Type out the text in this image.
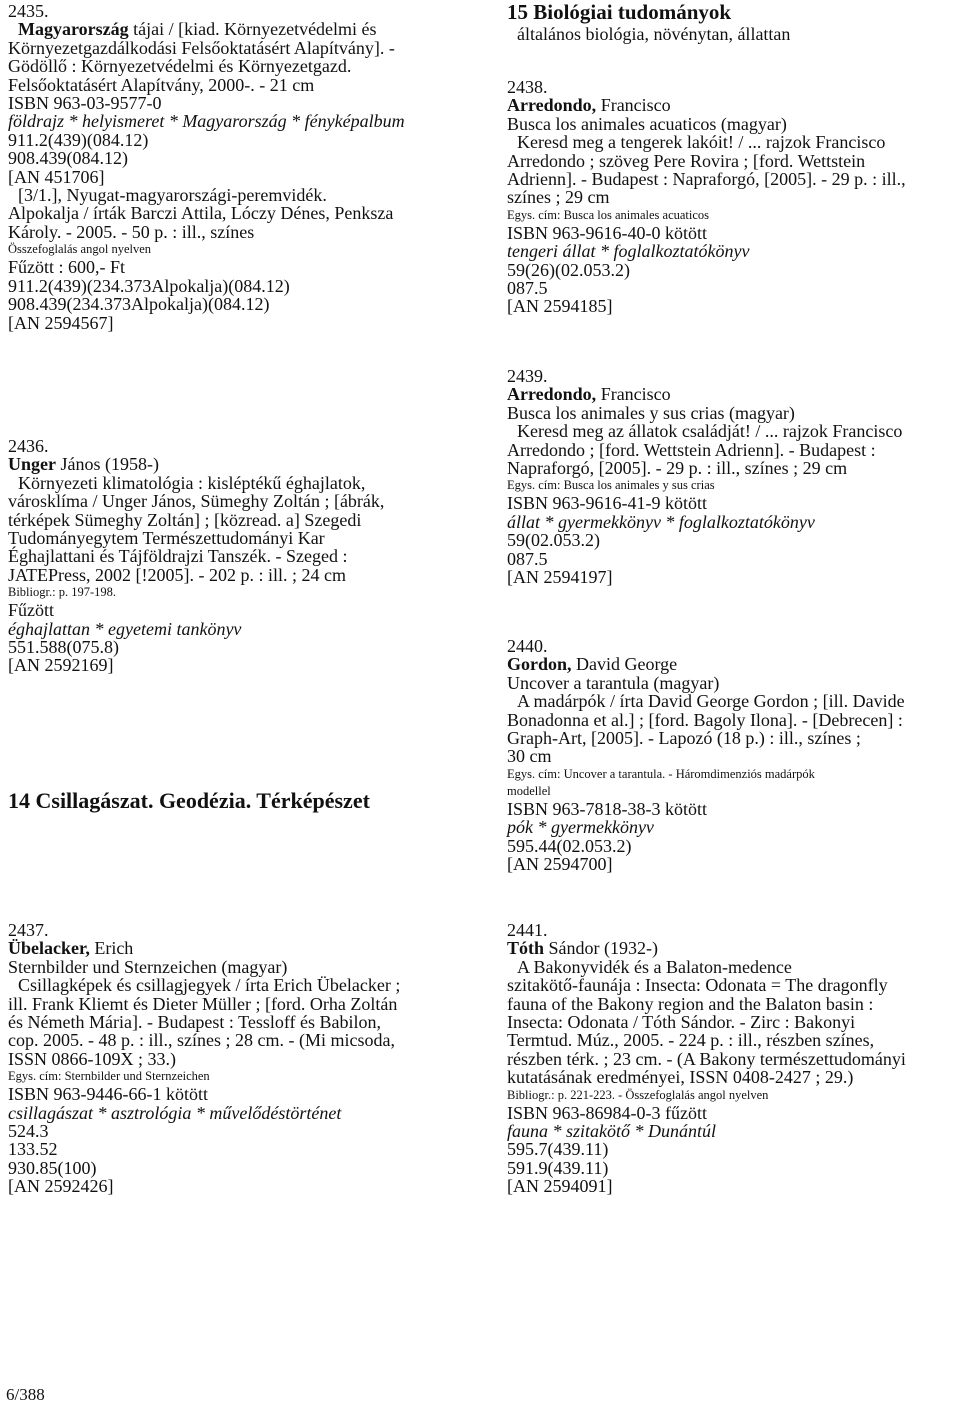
2435.
Magyarország tájai / [kiad. Környezetvédelmi és
Környezetgazdálkodási Felsőoktatásért Alapítvány]. -
Gödöllő : Környezetvédelmi és Környezetgazd.
Felsőoktatásért Alapítvány, 2000-. - 21 cm
ISBN 963-03-9577-0
földrajz * helyismeret * Magyarország * fényképalbum
911.2(439)(084.12)
908.439(084.12)
[AN 451706]
[3/1.], Nyugat-magyarországi-peremvidék.
Alpokalja / írták Barczi Attila, Lóczy Dénes, Penksza
Károly. - 2005. - 50 p. : ill., színes
Összefoglalás angol nyelven
Fűzött : 600,- Ft
911.2(439)(234.373Alpokalja)(084.12)
908.439(234.373Alpokalja)(084.12)
[AN 2594567]
2436.
Unger János (1958-)
Környezeti klimatológia : kisléptékű éghajlatok,
városklíma / Unger János, Sümeghy Zoltán ; [ábrák,
térképek Sümeghy Zoltán] ; [közread. a] Szegedi
Tudományegytem Természettudományi Kar
Éghajlattani és Tájföldrajzi Tanszék. - Szeged :
JATEPress, 2002 [!2005]. - 202 p. : ill. ; 24 cm
Bibliogr.: p. 197-198.
Fűzött
éghajlattan * egyetemi tankönyv
551.588(075.8)
[AN 2592169]
14 Csillagászat. Geodézia. Térképészet
2437.
Übelacker, Erich
Sternbilder und Sternzeichen (magyar)
Csillagképek és csillagjegyek / írta Erich Übelacker ;
ill. Frank Kliemt és Dieter Müller ; [ford. Orha Zoltán
és Németh Mária]. - Budapest : Tessloff és Babilon,
cop. 2005. - 48 p. : ill., színes ; 28 cm. - (Mi micsoda,
ISSN 0866-109X ; 33.)
Egys. cím: Sternbilder und Sternzeichen
ISBN 963-9446-66-1 kötött
csillagászat * asztrológia * művelődéstörténet
524.3
133.52
930.85(100)
[AN 2592426]
15 Biológiai tudományok
általános biológia, növénytan, állattan
2438.
Arredondo, Francisco
Busca los animales acuaticos (magyar)
Keresd meg a tengerek lakóit! / ... rajzok Francisco
Arredondo ; szöveg Pere Rovira ; [ford. Wettstein
Adrienn]. - Budapest : Napraforgó, [2005]. - 29 p. : ill.,
színes ; 29 cm
Egys. cím: Busca los animales acuaticos
ISBN 963-9616-40-0 kötött
tengeri állat * foglalkoztatókönyv
59(26)(02.053.2)
087.5
[AN 2594185]
2439.
Arredondo, Francisco
Busca los animales y sus crias (magyar)
Keresd meg az állatok családját! / ... rajzok Francisco
Arredondo ; [ford. Wettstein Adrienn]. - Budapest :
Napraforgó, [2005]. - 29 p. : ill., színes ; 29 cm
Egys. cím: Busca los animales y sus crias
ISBN 963-9616-41-9 kötött
állat * gyermekkönyv * foglalkoztatókönyv
59(02.053.2)
087.5
[AN 2594197]
2440.
Gordon, David George
Uncover a tarantula (magyar)
A madárpók / írta David George Gordon ; [ill. Davide
Bonadonna et al.] ; [ford. Bagoly Ilona]. - [Debrecen] :
Graph-Art, [2005]. - Lapozó (18 p.) : ill., színes ;
30 cm
Egys. cím: Uncover a tarantula. - Háromdimenziós madárpók
modellel
ISBN 963-7818-38-3 kötött
pók * gyermekkönyv
595.44(02.053.2)
[AN 2594700]
2441.
Tóth Sándor (1932-)
A Bakonyvidék és a Balaton-medence
szitakötő-faunája : Insecta: Odonata = The dragonfly
fauna of the Bakony region and the Balaton basin :
Insecta: Odonata / Tóth Sándor. - Zirc : Bakonyi
Termtud. Múz., 2005. - 224 p. : ill., részben színes,
részben térk. ; 23 cm. - (A Bakony természettudományi
kutatásának eredményei, ISSN 0408-2427 ; 29.)
Bibliogr.: p. 221-223. - Összefoglalás angol nyelven
ISBN 963-86984-0-3 fűzött
fauna * szitakötő * Dunántúl
595.7(439.11)
591.9(439.11)
[AN 2594091]
6/388
